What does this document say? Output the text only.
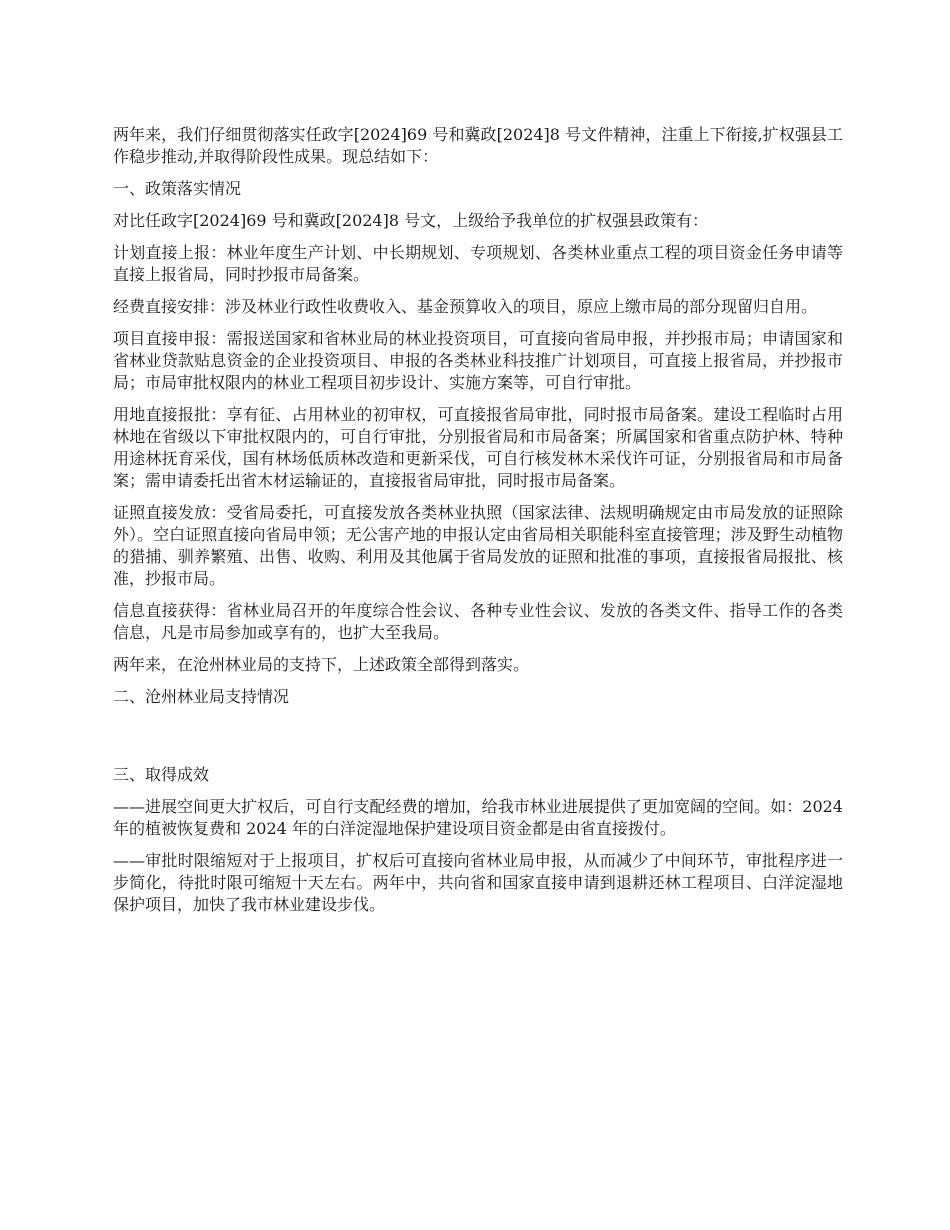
两年来，我们仔细贯彻落实任政字[2024]69 号和冀政[2024]8 号文件精神，注重上下衔接,扩权强县工作稳步推动,并取得阶段性成果。现总结如下：

一、政策落实情况

对比任政字[2024]69 号和冀政[2024]8 号文，上级给予我单位的扩权强县政策有：

计划直接上报：林业年度生产计划、中长期规划、专项规划、各类林业重点工程的项目资金任务申请等直接上报省局，同时抄报市局备案。

经费直接安排：涉及林业行政性收费收入、基金预算收入的项目，原应上缴市局的部分现留归自用。

项目直接申报：需报送国家和省林业局的林业投资项目，可直接向省局申报，并抄报市局；申请国家和省林业贷款贴息资金的企业投资项目、申报的各类林业科技推广计划项目，可直接上报省局，并抄报市局；市局审批权限内的林业工程项目初步设计、实施方案等，可自行审批。

用地直接报批：享有征、占用林业的初审权，可直接报省局审批，同时报市局备案。建设工程临时占用林地在省级以下审批权限内的，可自行审批，分别报省局和市局备案；所属国家和省重点防护林、特种用途林抚育采伐，国有林场低质林改造和更新采伐，可自行核发林木采伐许可证，分别报省局和市局备案；需申请委托出省木材运输证的，直接报省局审批，同时报市局备案。

证照直接发放：受省局委托，可直接发放各类林业执照（国家法律、法规明确规定由市局发放的证照除外）。空白证照直接向省局申领；无公害产地的申报认定由省局相关职能科室直接管理；涉及野生动植物的猎捕、驯养繁殖、出售、收购、利用及其他属于省局发放的证照和批准的事项，直接报省局报批、核准，抄报市局。

信息直接获得：省林业局召开的年度综合性会议、各种专业性会议、发放的各类文件、指导工作的各类信息，凡是市局参加或享有的，也扩大至我局。

两年来，在沧州林业局的支持下，上述政策全部得到落实。

二、沧州林业局支持情况

三、取得成效

——进展空间更大扩权后，可自行支配经费的增加，给我市林业进展提供了更加宽阔的空间。如：2024 年的植被恢复费和 2024 年的白洋淀湿地保护建设项目资金都是由省直接拨付。

——审批时限缩短对于上报项目，扩权后可直接向省林业局申报，从而减少了中间环节，审批程序进一步简化，待批时限可缩短十天左右。两年中，共向省和国家直接申请到退耕还林工程项目、白洋淀湿地保护项目，加快了我市林业建设步伐。
